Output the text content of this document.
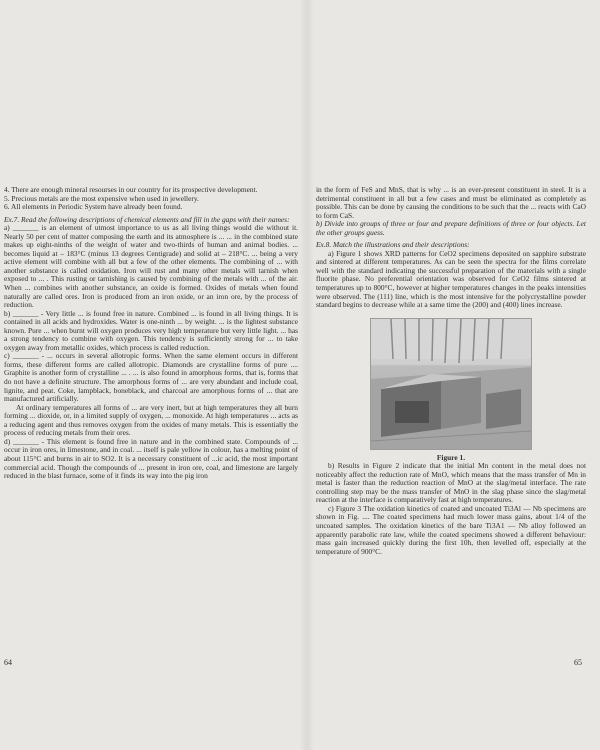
4. There are enough mineral resourses in our country for its prospective development.

5. Precious metals are the most expensive when used in jewellery.

6. All elements in Periodic System have already been found.

Ex.7. Read the following descriptions of chemical elements and fill in the gaps with their names:

a) _______ is an element of utmost importance to us as all living things would die without it. Nearly 50 per cent of matter composing the earth and its atmosphere is ... ... in the combined state makes up eight-ninths of the weight of water and two-thirds of human and animal bodies. ... becomes liquid at – 183°C (minus 13 degrees Centigrade) and solid at – 218°C. ... being a very active element will combine with all but a few of the other elements. The combining of ... with another substance is called oxidation. Iron will rust and many other metals will tarnish when exposed to ... . This rusting or tarnishing is caused by combining of the metals with ... of the air. When ... combines with another substance, an oxide is formed. Oxides of metals when found naturally are called ores. Iron is produced from an iron oxide, or an iron ore, by the process of reduction.

b) _______ - Very little ... is found free in nature. Combined ... is found in all living things. It is contained in all acids and hydroxides. Water is one-ninth ... by weight. ... is the lightest substance known. Pure ... when burnt will oxygen produces very high temperature but very little light. ... has a strong tendency to combine with oxygen. This tendency is sufficiently strong for ... to take oxygen away from metallic oxides, which process is called reduction.

c) _______ - ... occurs in several allotropic forms. When the same element occurs in different forms, these different forms are called allotropic. Diamonds are crystalline forms of pure .... Graphite is another form of crystalline ... . ... is also found in amorphous forms, that is, forms that do not have a definite structure. The amorphous forms of ... are very abundant and include coal, lignite, and peat. Coke, lampblack, boneblack, and charcoal are amorphous forms of ... that are manufactured artificially.

At ordinary temperatures all forms of ... are very inert, but at high temperatures they all burn forming ... dioxide, or, in a limited supply of oxygen, ... monoxide. At high temperatures ... acts as a reducing agent and thus removes oxygen from the oxides of many metals. This is essentially the process of reducing metals from their ores.

d) _______ - This element is found free in nature and in the combined state. Compounds of ... occur in iron ores, in limestone, and in coal. ... itself is pale yellow in colour, has a melting point of about 115°C and burns in air to SO2. It is a necessary constituent of ...ic acid, the most important commercial acid. Though the compounds of ... present in iron ore, coal, and limestone are largely reduced in the blast furnace, some of it finds its way into the pig iron

64

in the form of FeS and MnS, that is why ... is an ever-present constituent in steel. It is a detrimental constituent in all but a few cases and must be eliminated as completely as possible. This can be done by causing the conditions to be such that the ... reacts with CaO to form CaS.

b) Divide into groups of three or four and prepare definitions of three or four objects. Let the other groups guess.

Ex.8. Match the illustrations and their descriptions:

a) Figure 1 shows XRD patterns for CeO2 specimens deposited on sapphire substrate and sintered at different temperatures. As can be seen the spectra for the films correlate well with the standard indicating the successful preparation of the materials with a single fluorite phase. No preferential orientation was observed for CeO2 films sintered at temperatures up to 800°C, however at higher temperatures changes in the peaks intensities were observed. The (111) line, which is the most intensive for the polycrystalline powder standard begins to decrease while at a same time the (200) and (400) lines increase.

Figure 1.

b) Results in Figure 2 indicate that the initial Mn content in the metal does not noticeably affect the reduction rate of MnO, which means that the mass transfer of Mn in metal is faster than the reduction reaction of MnO at the slag/metal interface. The rate controlling step may be the mass transfer of MnO in the slag phase since the slag/metal reaction at the interface is comparatively fast at high temperatures.

c) Figure 3 The oxidation kinetics of coated and uncoated Ti3Al — Nb specimens are shown in Fig. .... The coated specimens had much lower mass gains, about 1/4 of the uncoated samples. The oxidation kinetics of the bare Ti3A1 — Nb alloy followed an apparently parabolic rate law, while the coated specimens showed a different behaviour: mass gain increased quickly during the first 10h, then levelled off, especially at the temperature of 900°C.

65
